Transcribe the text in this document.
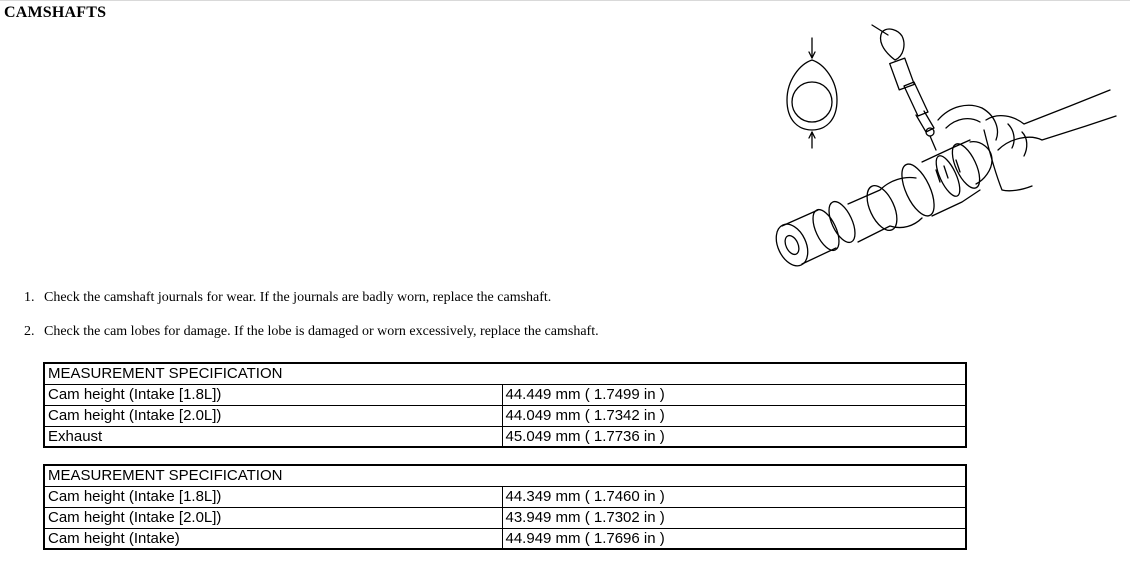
CAMSHAFTS
1. Check the camshaft journals for wear. If the journals are badly worn, replace the camshaft.
2. Check the cam lobes for damage. If the lobe is damaged or worn excessively, replace the camshaft.
MEASUREMENT SPECIFICATION	
Cam height (Intake [1.8L])	44.449 mm ( 1.7499 in )
Cam height (Intake [2.0L])	44.049 mm ( 1.7342 in )
Exhaust	45.049 mm ( 1.7736 in )
MEASUREMENT SPECIFICATION	
Cam height (Intake [1.8L])	44.349 mm ( 1.7460 in )
Cam height (Intake [2.0L])	43.949 mm ( 1.7302 in )
Cam height (Intake)	44.949 mm ( 1.7696 in )
